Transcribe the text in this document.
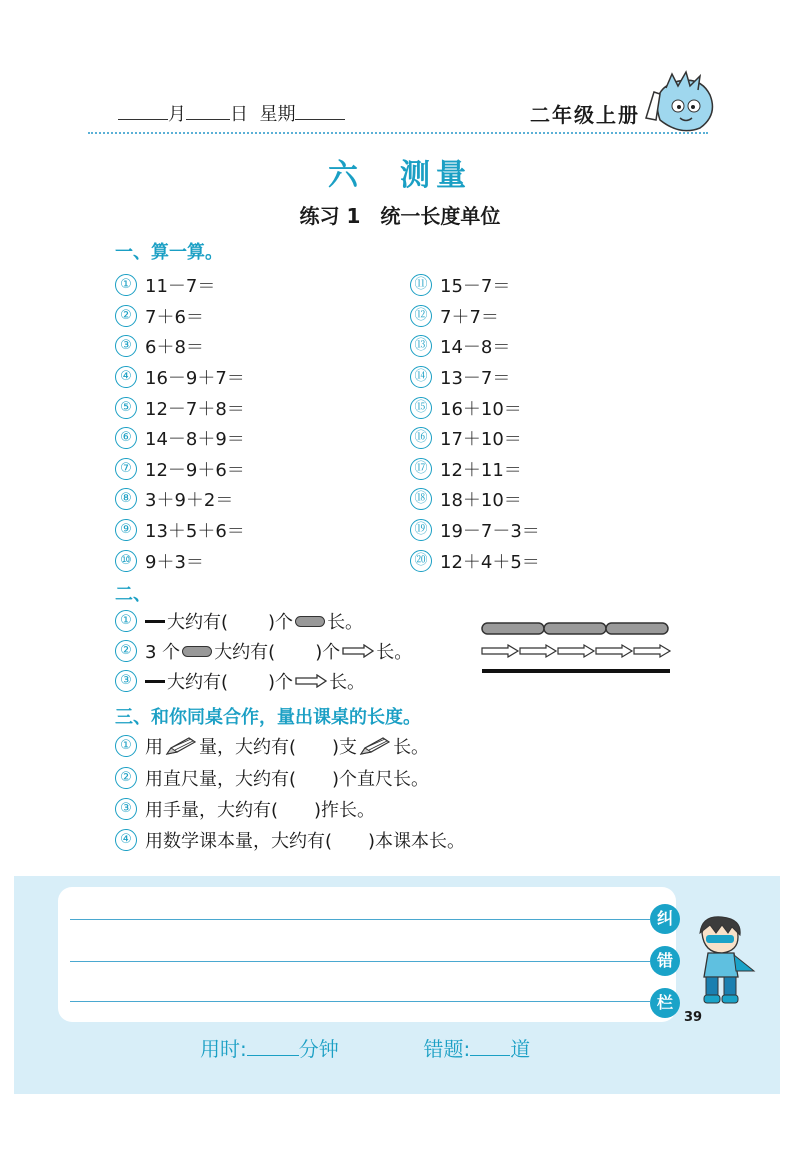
月 日 星期	二年级上册
六　测量
练习 1　统一长度单位
一、算一算。
① 11－7＝
② 7＋6＝
③ 6＋8＝
④ 16－9＋7＝
⑤ 12－7＋8＝
⑥ 14－8＋9＝
⑦ 12－9＋6＝
⑧ 3＋9＋2＝
⑨ 13＋5＋6＝
⑩ 9＋3＝
⑪ 15－7＝
⑫ 7＋7＝
⑬ 14－8＝
⑭ 13－7＝
⑮ 16＋10＝
⑯ 17＋10＝
⑰ 12＋11＝
⑱ 18＋10＝
⑲ 19－7－3＝
⑳ 12＋4＋5＝
二、
① 大约有( )个 长。
② 3 个 大约有( )个 长。
③ 大约有( )个 长。
三、和你同桌合作，量出课桌的长度。
① 用 量，大约有( )支 长。
② 用直尺量，大约有(　　)个直尺长。
③ 用手量，大约有(　　)拃长。
④ 用数学课本量，大约有(　　)本课本长。
纠
错
栏
39
用时:	分钟	错题: 道
